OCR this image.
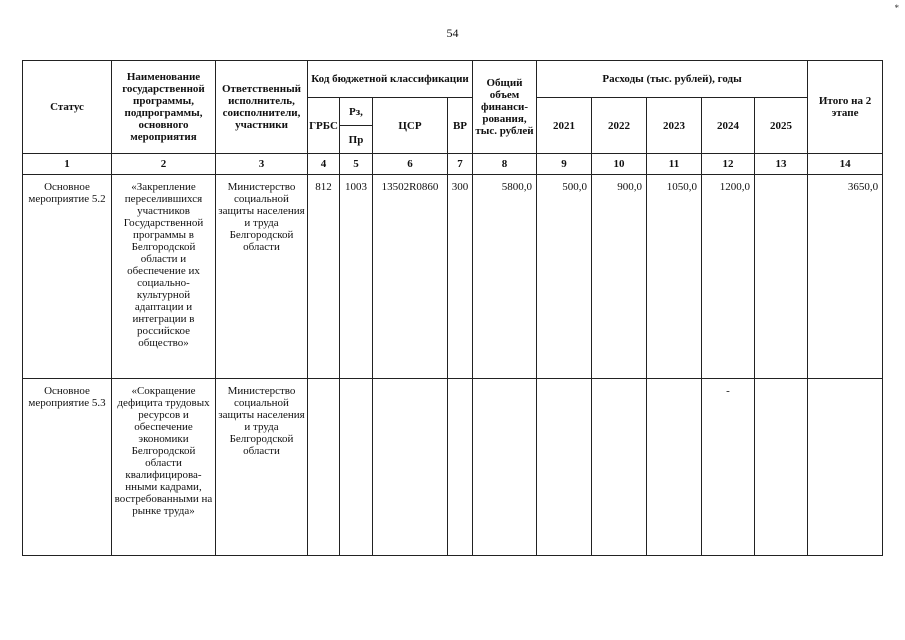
54
*
Статус	Наименование государственной программы, подпрограммы, основного мероприятия	Ответственный исполнитель, соисполнители, участники	Код бюджетной классификации				Общий объем финанси-рования, тыс. рублей	Расходы (тыс. рублей), годы					Итого на 2 этапе
			ГРБС	Рз,	ЦСР	ВР		2021	2022	2023	2024	2025	
				Пр									
1	2	3	4	5	6	7	8	9	10	11	12	13	14
Основное мероприятие 5.2	«Закрепление переселившихся участников Государственной программы в Белгородской области и обеспечение их социально-культурной адаптации и интеграции в российское общество»	Министерство социальной защиты населения и труда Белгородской области	812	1003	13502R0860	300	5800,0	500,0	900,0	1050,0	1200,0		3650,0
Основное мероприятие 5.3	«Сокращение дефицита трудовых ресурсов и обеспечение экономики Белгородской области квалифицирова-нными кадрами, востребованными на рынке труда»	Министерство социальной защиты населения и труда Белгородской области									-		
